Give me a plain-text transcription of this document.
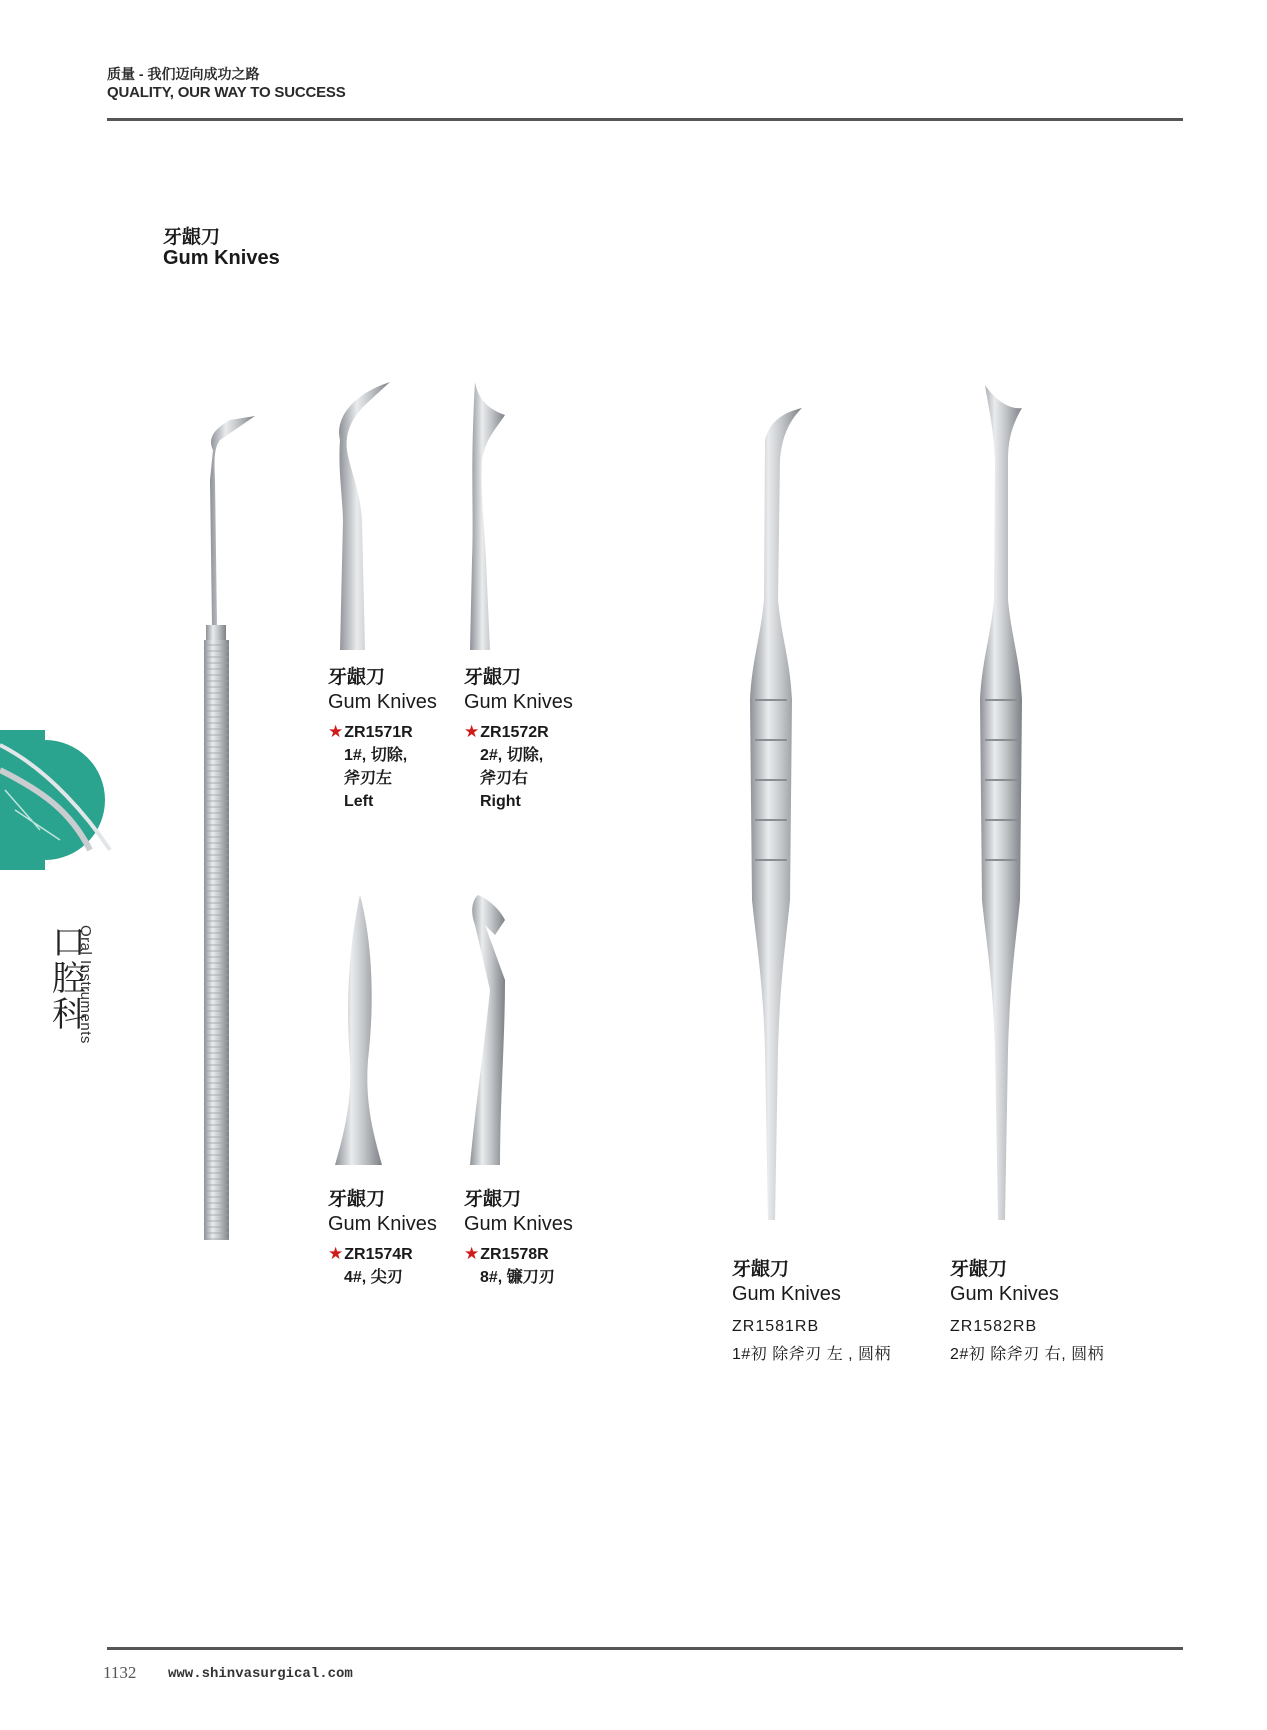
质量 - 我们迈向成功之路
QUALITY, OUR WAY TO SUCCESS
牙龈刀
Gum Knives
口腔科
Oral Instruments
牙龈刀
Gum Knives
★ZR1571R
1#, 切除,
斧刃左
Left
牙龈刀
Gum Knives
★ZR1572R
2#, 切除,
斧刃右
Right
牙龈刀
Gum Knives
★ZR1574R
4#, 尖刃
牙龈刀
Gum Knives
★ZR1578R
8#, 镰刀刃	牙龈刀
Gum Knives
ZR1581RB
1#初 除斧刃 左 , 圆柄
牙龈刀
Gum Knives
ZR1582RB
2#初 除斧刃 右, 圆柄
1132 www.shinvasurgical.com
